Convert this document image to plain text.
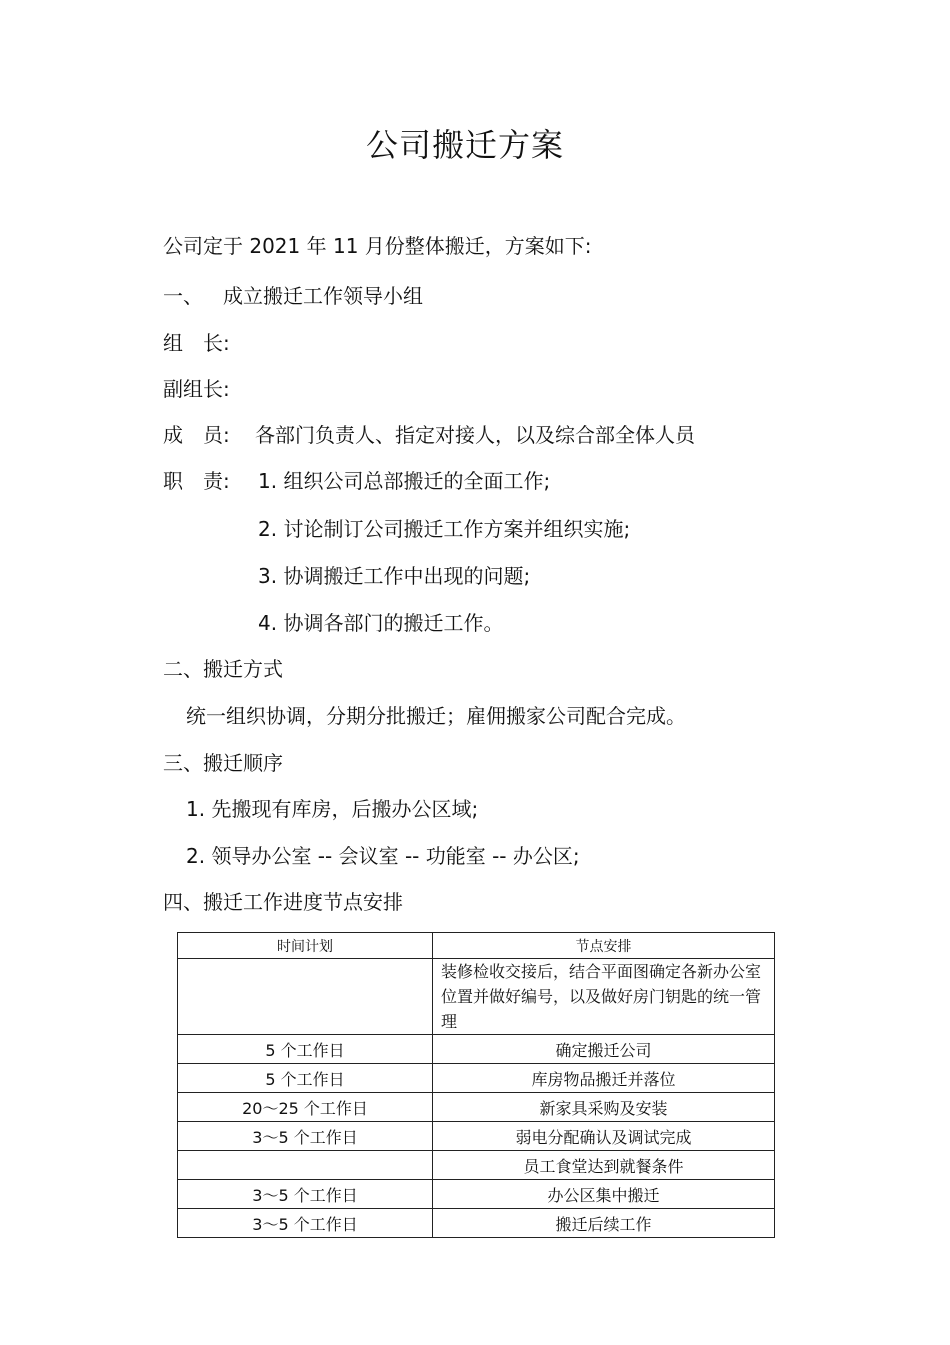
公司搬迁方案
公司定于 2021 年 11 月份整体搬迁，方案如下:
一、 成立搬迁工作领导小组
组　长:
副组长:
成　员: 各部门负责人、指定对接人，以及综合部全体人员
职　责: 1. 组织公司总部搬迁的全面工作;
2. 讨论制订公司搬迁工作方案并组织实施;
3. 协调搬迁工作中出现的问题;
4. 协调各部门的搬迁工作。
二、搬迁方式
统一组织协调，分期分批搬迁；雇佣搬家公司配合完成。
三、搬迁顺序
1. 先搬现有库房，后搬办公区域;
2. 领导办公室 -- 会议室 -- 功能室 -- 办公区;
四、搬迁工作进度节点安排
时间计划	节点安排
	装修检收交接后，结合平面图确定各新办公室位置并做好编号，以及做好房门钥匙的统一管理
5 个工作日	确定搬迁公司
5 个工作日	库房物品搬迁并落位
20～25 个工作日	新家具采购及安装
3～5 个工作日	弱电分配确认及调试完成
	员工食堂达到就餐条件
3～5 个工作日	办公区集中搬迁
3～5 个工作日	搬迁后续工作
